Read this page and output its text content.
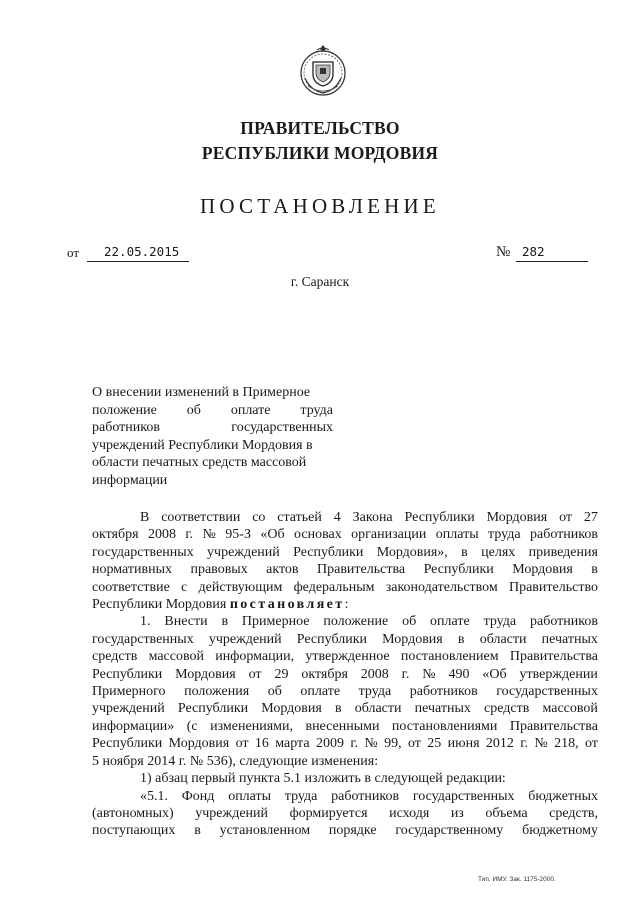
ПРАВИТЕЛЬСТВО
РЕСПУБЛИКИ МОРДОВИЯ
ПОСТАНОВЛЕНИЕ
от 22.05.2015	№ 282
г. Саранск
О внесении изменений в Примерное
положение об оплате труда
работников	государственных
учреждений Республики Мордовия в
области печатных средств массовой
информации
В соответствии со статьей 4 Закона Республики Мордовия от 27
октября 2008 г. № 95-З «Об основах организации оплаты труда работников
государственных учреждений Республики Мордовия», в целях приведения
нормативных правовых актов Правительства Республики Мордовия в
соответствие с действующим федеральным законодательством Правительство
Республики Мордовия постановляет:
1. Внести в Примерное положение об оплате труда работников
государственных учреждений Республики Мордовия в области печатных
средств массовой информации, утвержденное постановлением Правительства
Республики Мордовия от 29 октября 2008 г. № 490 «Об утверждении
Примерного положения об оплате труда работников государственных
учреждений Республики Мордовия в области печатных средств массовой
информации» (с изменениями, внесенными постановлениями Правительства
Республики Мордовия от 16 марта 2009 г. № 99, от 25 июня 2012 г. № 218, от
5 ноября 2014 г. № 536), следующие изменения:
1) абзац первый пункта 5.1 изложить в следующей редакции:
«5.1. Фонд оплаты труда работников государственных бюджетных
(автономных) учреждений формируется исходя из объема средств,
поступающих в установленном порядке государственному бюджетному
Тип. ИМУ. Зак. 1175-2000.
